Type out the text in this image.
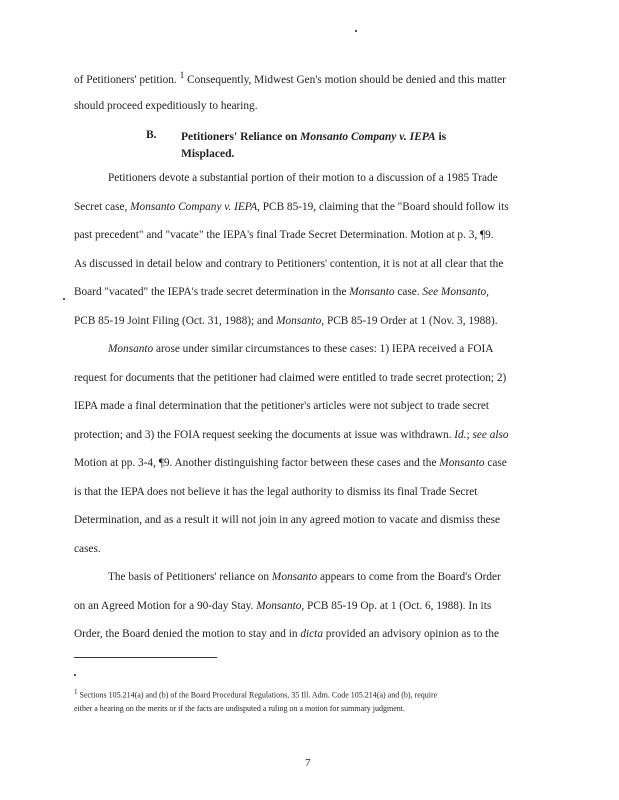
of Petitioners' petition. $^1$ Consequently, Midwest Gen's motion should be denied and this matter
should proceed expeditiously to hearing.
B. Petitioners' Reliance on Monsanto Company v. IEPA is
Misplaced.
Petitioners devote a substantial portion of their motion to a discussion of a 1985 Trade
Secret case, Monsanto Company v. IEPA, PCB 85-19, claiming that the "Board should follow its
past precedent" and "vacate" the IEPA's final Trade Secret Determination. Motion at p. 3, ¶9.
As discussed in detail below and contrary to Petitioners' contention, it is not at all clear that the
Board "vacated" the IEPA's trade secret determination in the Monsanto case. See Monsanto,
PCB 85-19 Joint Filing (Oct. 31, 1988); and Monsanto, PCB 85-19 Order at 1 (Nov. 3, 1988).
Monsanto arose under similar circumstances to these cases: 1) IEPA received a FOIA
request for documents that the petitioner had claimed were entitled to trade secret protection; 2)
IEPA made a final determination that the petitioner's articles were not subject to trade secret
protection; and 3) the FOIA request seeking the documents at issue was withdrawn. Id.; see also
Motion at pp. 3-4, ¶9. Another distinguishing factor between these cases and the Monsanto case
is that the IEPA does not believe it has the legal authority to dismiss its final Trade Secret
Determination, and as a result it will not join in any agreed motion to vacate and dismiss these
cases.
The basis of Petitioners' reliance on Monsanto appears to come from the Board's Order
on an Agreed Motion for a 90-day Stay. Monsanto, PCB 85-19 Op. at 1 (Oct. 6, 1988). In its
Order, the Board denied the motion to stay and in dicta provided an advisory opinion as to the
$^1$ Sections 105.214(a) and (b) of the Board Procedural Regulations, 35 Ill. Adm. Code 105.214(a) and (b), require
either a hearing on the merits or if the facts are undisputed a ruling on a motion for summary judgment.
7
